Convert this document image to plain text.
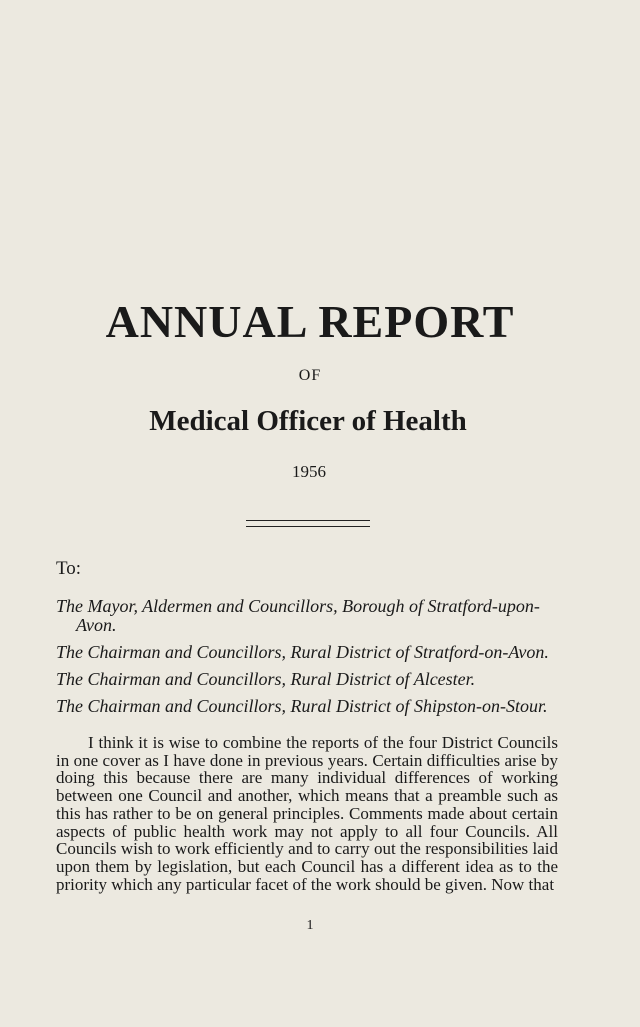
ANNUAL REPORT
OF
Medical Officer of Health
1956
To:
The Mayor, Aldermen and Councillors, Borough of Stratford-upon-
Avon.
The Chairman and Councillors, Rural District of Stratford-on-Avon.
The Chairman and Councillors, Rural District of Alcester.
The Chairman and Councillors, Rural District of Shipston-on-Stour.

I think it is wise to combine the reports of the four District Councils in one cover as I have done in previous years. Certain difficulties arise by doing this because there are many individual differences of working between one Council and another, which means that a preamble such as this has rather to be on general principles. Comments made about certain aspects of public health work may not apply to all four Councils. All Councils wish to work efficiently and to carry out the responsibilities laid upon them by legislation, but each Council has a different idea as to the priority which any particular facet of the work should be given. Now that

1
